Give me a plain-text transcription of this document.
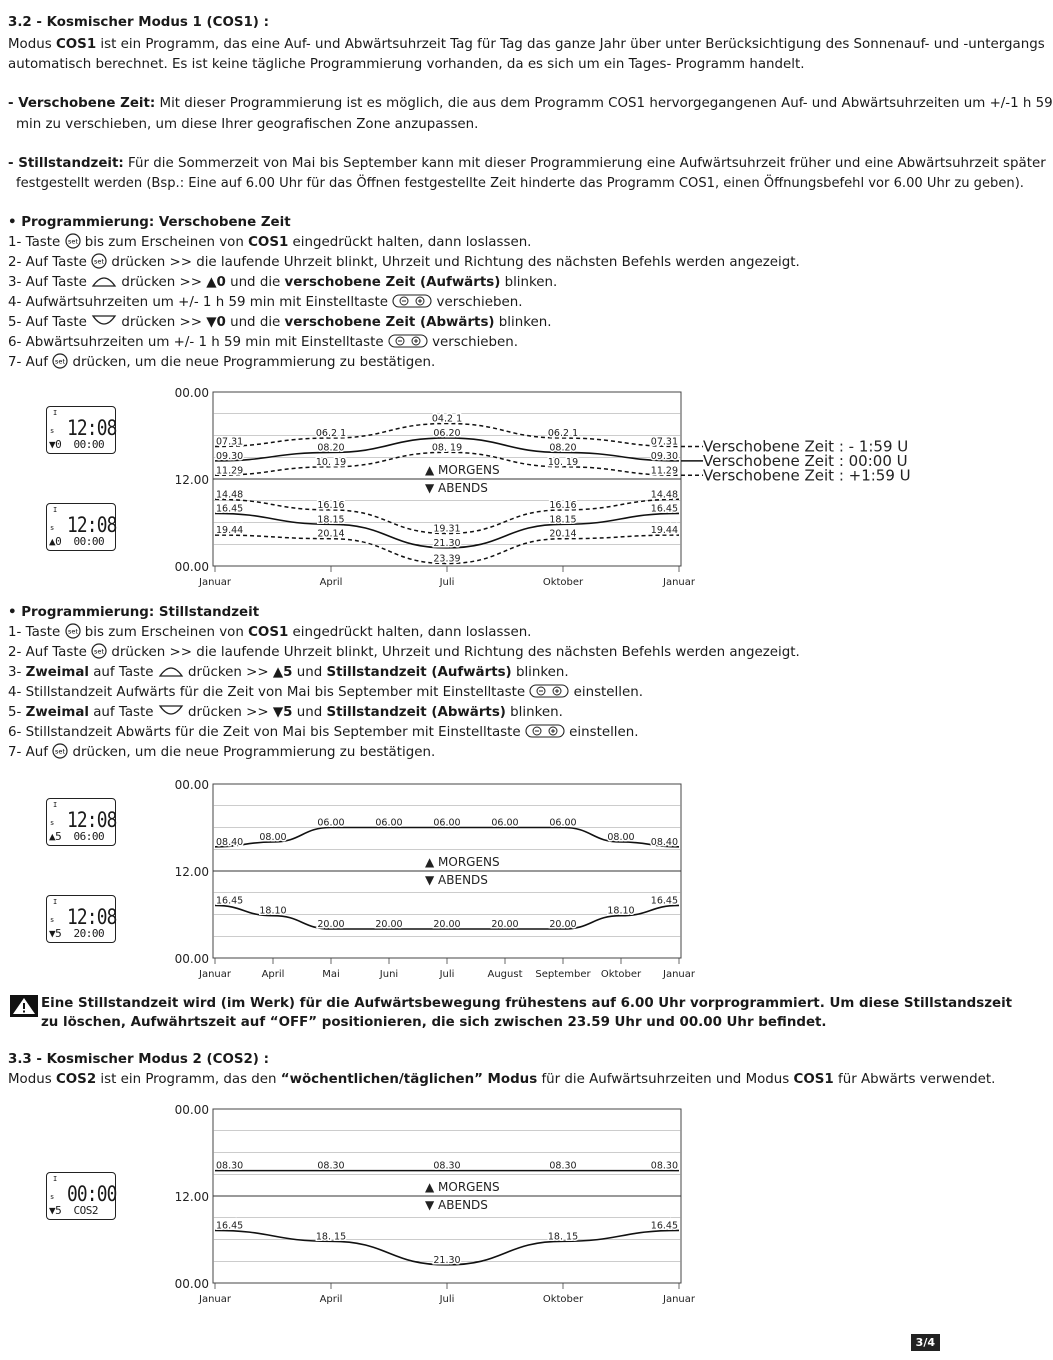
3.2 - Kosmischer Modus 1 (COS1) :
Modus COS1 ist ein Programm, das eine Auf- und Abwärtsuhrzeit Tag für Tag das ganze Jahr über unter Berücksichtigung des Sonnenauf- und -untergangs
automatisch berechnet. Es ist keine tägliche Programmierung vorhanden, da es sich um ein Tages- Programm handelt.
- Verschobene Zeit: Mit dieser Programmierung ist es möglich, die aus dem Programm COS1 hervorgegangenen Auf- und Abwärtsuhrzeiten um +/-1 h 59
min zu verschieben, um diese Ihrer geografischen Zone anzupassen.
- Stillstandzeit: Für die Sommerzeit von Mai bis September kann mit dieser Programmierung eine Aufwärtsuhrzeit früher und eine Abwärtsuhrzeit später
festgestellt werden (Bsp.: Eine auf 6.00 Uhr für das Öffnen festgestellte Zeit hinderte das Programm COS1, einen Öffnungsbefehl vor 6.00 Uhr zu geben).
• Programmierung: Verschobene Zeit
1- Taste  bis zum Erscheinen von COS1 eingedrückt halten, dann loslassen.
2- Auf Taste  drücken >> die laufende Uhrzeit blinkt, Uhrzeit und Richtung des nächsten Befehls werden angezeigt.
3- Auf Taste  drücken >> ▲0 und die verschobene Zeit (Aufwärts) blinken.
4- Aufwärtsuhrzeiten um +/- 1 h 59 min mit Einstelltaste	verschieben.
5- Auf Taste  drücken >> ▼0 und die verschobene Zeit (Abwärts) blinken.
6- Abwärtsuhrzeiten um +/- 1 h 59 min mit Einstelltaste	verschieben.
7- Auf  drücken, um die neue Programmierung zu bestätigen.
I
s 12:08
▼0  00:00
I
s 12:08
▲0  00:00
00.00
12.00
00.00
Januar	April	Juli	Oktober	Januar
▲ MORGENS
▼ ABENDS
07.31
06.2 1
04.2 1
06.2 1
07.31
09.30
08.20
06.20
08.20
09.30
11.29
10. 19
08. 19
10. 19
11.29
14.48
16.16
19.31
16.16
14.48
16.45
18.15
21.30
18.15
16.45
19.44	20.14
23.39
20.14	19.44
Verschobene Zeit : - 1:59 U
Verschobene Zeit : 00:00 U
Verschobene Zeit : +1:59 U
• Programmierung: Stillstandzeit
1- Taste  bis zum Erscheinen von COS1 eingedrückt halten, dann loslassen.
2- Auf Taste  drücken >> die laufende Uhrzeit blinkt, Uhrzeit und Richtung des nächsten Befehls werden angezeigt.
3- Zweimal auf Taste  drücken >> ▲5 und Stillstandzeit (Aufwärts) blinken.
4- Stillstandzeit Aufwärts für die Zeit von Mai bis September mit Einstelltaste	einstellen.
5- Zweimal auf Taste  drücken >> ▼5 und Stillstandzeit (Abwärts) blinken.
6- Stillstandzeit Abwärts für die Zeit von Mai bis September mit Einstelltaste	einstellen.
7- Auf  drücken, um die neue Programmierung zu bestätigen.
I
s 12:08
▲5  06:00
I
s 12:08
▼5  20:00
00.00
12.00
00.00
Januar	April	Mai	Juni	Juli	August September Oktober Januar
▲ MORGENS
▼ ABENDS
08.40 08.00
06.00	06.00	06.00	06.00	06.00
08.00 08.40
16.45
18.10
20.00	20.00	20.00	20.00	20.00
18.10
16.45
Eine Stillstandzeit wird (im Werk) für die Aufwärtsbewegung frühestens auf 6.00 Uhr vorprogrammiert. Um diese Stillstandszeit
zu löschen, Aufwährtszeit auf “OFF” positionieren, die sich zwischen 23.59 Uhr und 00.00 Uhr befindet.
3.3 - Kosmischer Modus 2 (COS2) :
Modus COS2 ist ein Programm, das den “wöchentlichen/täglichen” Modus für die Aufwärtsuhrzeiten und Modus COS1 für Abwärts verwendet.
I
s 00:00
▼5  COS2
00.00
12.00
00.00
Januar	April	Juli	Oktober	Januar
▲ MORGENS
▼ ABENDS
08.30	08.30	08.30	08.30	08.30
16.45
18. 15
21.30
18. 15
16.45
3/4
